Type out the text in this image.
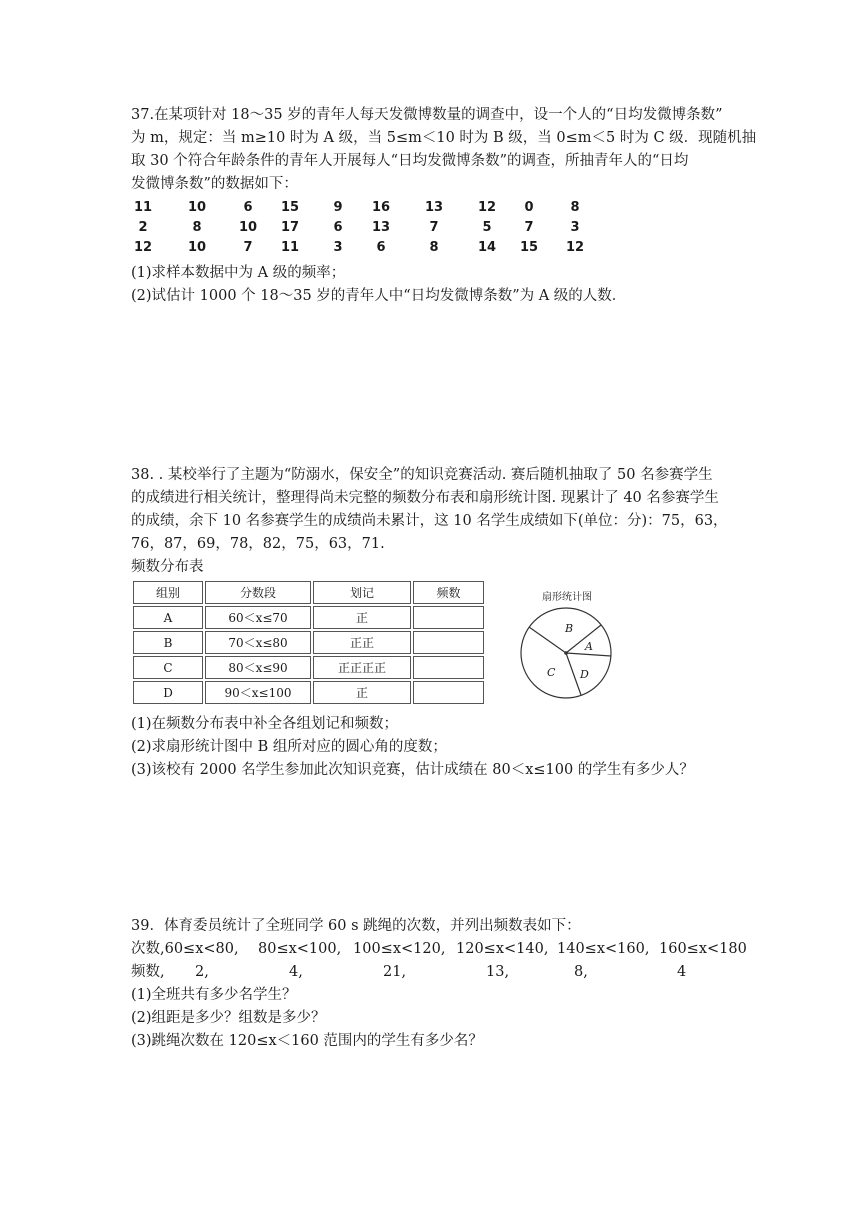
37.在某项针对 18～35 岁的青年人每天发微博数量的调查中，设一个人的“日均发微博条数”
为 m，规定：当 m≥10 时为 A 级，当 5≤m＜10 时为 B 级，当 0≤m＜5 时为 C 级．现随机抽
取 30 个符合年龄条件的青年人开展每人“日均发微博条数”的调查，所抽青年人的“日均
发微博条数”的数据如下：
11	10	6	15	9	16	13	12	0	8
2	8	10	17	6	13	7	5	7	3
12	10	7	11	3	6	8	14	15	12
(1)求样本数据中为 A 级的频率；
(2)试估计 1000 个 18～35 岁的青年人中“日均发微博条数”为 A 级的人数．
38. . 某校举行了主题为“防溺水，保安全”的知识竞赛活动. 赛后随机抽取了 50 名参赛学生
的成绩进行相关统计，整理得尚未完整的频数分布表和扇形统计图. 现累计了 40 名参赛学生
的成绩，余下 10 名参赛学生的成绩尚未累计，这 10 名学生成绩如下(单位：分)：75，63，
76，87，69，78，82，75，63，71.
频数分布表
组别	分数段	划记	频数
A	60＜x≤70	正	
B	70＜x≤80	正正	
C	80＜x≤90	正正正正	
D	90＜x≤100	正	
扇形统计图
B
A
C D
(1)在频数分布表中补全各组划记和频数；
(2)求扇形统计图中 B 组所对应的圆心角的度数；
(3)该校有 2000 名学生参加此次知识竞赛，估计成绩在 80＜x≤100 的学生有多少人？
39．体育委员统计了全班同学 60 s 跳绳的次数，并列出频数表如下：
次数,60≤x<80, 80≤x<100, 100≤x<120, 120≤x<140, 140≤x<160, 160≤x<180
频数, 2,	4,	21,	13,	8,	4
(1)全班共有多少名学生？
(2)组距是多少？组数是多少？
(3)跳绳次数在 120≤x＜160 范围内的学生有多少名？
